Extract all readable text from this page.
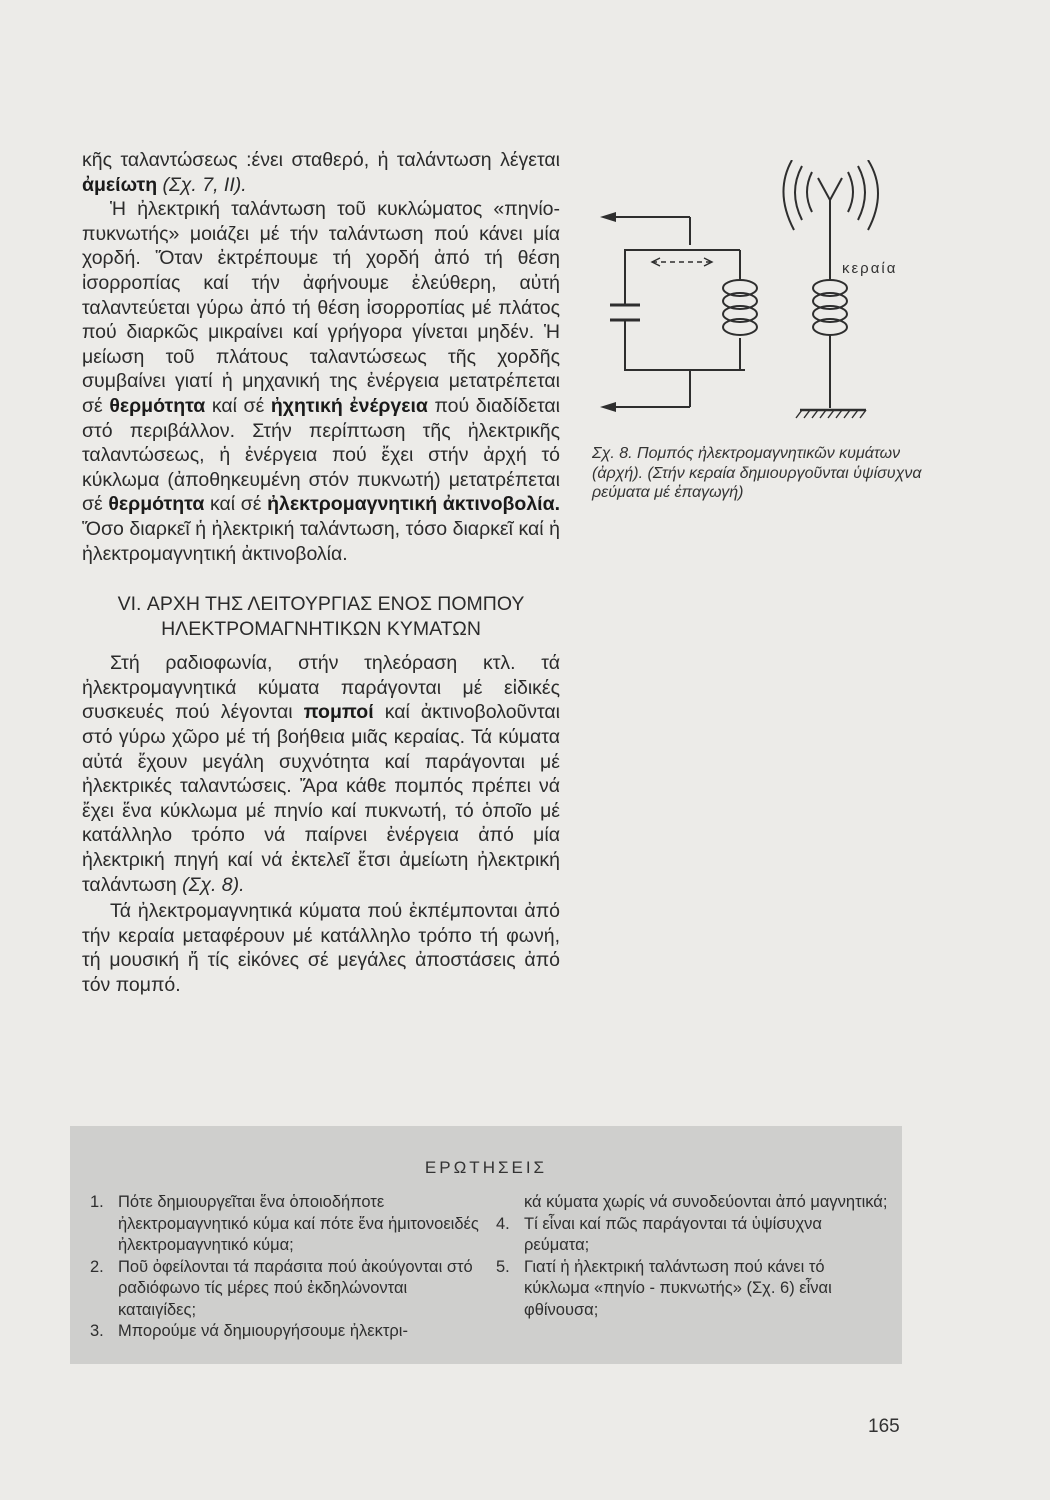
κῆς ταλαντώσεως :ένει σταθερό, ἡ ταλάντωση λέγεται ἀμείωτη (Σχ. 7, ΙΙ).

Ἡ ἠλεκτρική ταλάντωση τοῦ κυκλώματος «πηνίο-πυκνωτής» μοιάζει μέ τήν ταλάντωση πού κάνει μία χορδή. Ὅταν ἐκτρέπουμε τή χορδή ἀπό τή θέση ἰσορροπίας καί τήν ἀφήνουμε ἐλεύθερη, αὐτή ταλαντεύεται γύρω ἀπό τή θέση ἰσορροπίας μέ πλάτος πού διαρκῶς μικραίνει καί γρήγορα γίνεται μηδέν. Ἡ μείωση τοῦ πλάτους ταλαντώσεως τῆς χορδῆς συμβαίνει γιατί ἡ μηχανική της ἐνέργεια μετατρέπεται σέ θερμότητα καί σέ ἠχητική ἐνέργεια πού διαδίδεται στό περιβάλλον. Στήν περίπτωση τῆς ἠλεκτρικῆς ταλαντώσεως, ἡ ἐνέργεια πού ἔχει στήν ἀρχή τό κύκλωμα (ἀποθηκευμένη στόν πυκνωτή) μετατρέπεται σέ θερμότητα καί σέ ἠλεκτρομαγνητική ἀκτινοβολία. Ὅσο διαρκεῖ ἡ ἠλεκτρική ταλάντωση, τόσο διαρκεῖ καί ἡ ἠλεκτρομαγνητική ἀκτινοβολία.

VI. ΑΡΧΗ ΤΗΣ ΛΕΙΤΟΥΡΓΙΑΣ ΕΝΟΣ ΠΟΜΠΟΥ
ΗΛΕΚΤΡΟΜΑΓΝΗΤΙΚΩΝ ΚΥΜΑΤΩΝ

Στή ραδιοφωνία, στήν τηλεόραση κτλ. τά ἠλεκτρομαγνητικά κύματα παράγονται μέ εἰδικές συσκευές πού λέγονται πομποί καί ἀκτινοβολοῦνται στό γύρω χῶρο μέ τή βοήθεια μιᾶς κεραίας. Τά κύματα αὐτά ἔχουν μεγάλη συχνότητα καί παράγονται μέ ἠλεκτρικές ταλαντώσεις. Ἄρα κάθε πομπός πρέπει νά ἔχει ἕνα κύκλωμα μέ πηνίο καί πυκνωτή, τό ὁποῖο μέ κατάλληλο τρόπο νά παίρνει ἐνέργεια ἀπό μία ἠλεκτρική πηγή καί νά ἐκτελεῖ ἔτσι ἀμείωτη ἠλεκτρική ταλάντωση (Σχ. 8).

Τά ἠλεκτρομαγνητικά κύματα πού ἐκπέμπονται ἀπό τήν κεραία μεταφέρουν μέ κατάλληλο τρόπο τή φωνή, τή μουσική ἤ τίς εἰκόνες σέ μεγάλες ἀποστάσεις ἀπό τόν πομπό.

κεραία
Σχ. 8. Πομπός ἠλεκτρομαγνητικῶν κυμάτων (ἀρχή). (Στήν κεραία δημιουργοῦνται ὑψίσυχνα ρεύματα μέ ἐπαγωγή)
ΕΡΩΤΗΣΕΙΣ
1. Πότε δημιουργεῖται ἕνα ὁποιοδήποτε ἠλεκτρομαγνητικό κύμα καί πότε ἕνα ἡμιτονοειδές ἠλεκτρομαγνητικό κύμα;
2. Ποῦ ὀφείλονται τά παράσιτα πού ἀκούγονται στό ραδιόφωνο τίς μέρες πού ἐκδηλώνονται καταιγίδες;
3. Μπορούμε νά δημιουργήσουμε ἠλεκτρι-
κά κύματα χωρίς νά συνοδεύονται ἀπό μαγνητικά;
4. Τί εἶναι καί πῶς παράγονται τά ὑψίσυχνα ρεύματα;
5. Γιατί ἡ ἠλεκτρική ταλάντωση πού κάνει τό κύκλωμα «πηνίο - πυκνωτής» (Σχ. 6) εἶναι φθίνουσα;
165
